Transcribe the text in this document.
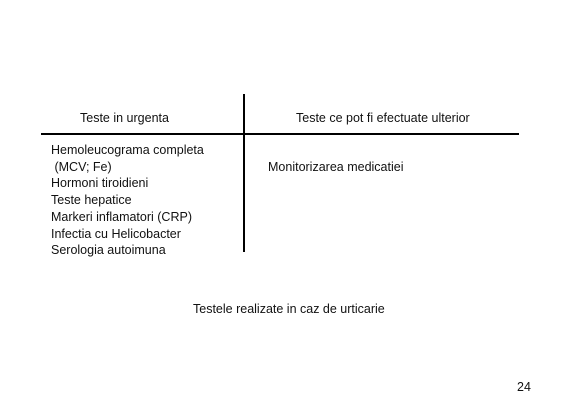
Teste in urgenta	Teste ce pot fi efectuate ulterior
Hemoleucograma completa
(MCV; Fe)
Hormoni tiroidieni
Teste hepatice
Markeri inflamatori (CRP)
Infectia cu Helicobacter
Serologia autoimuna
Monitorizarea medicatiei
Testele realizate in caz de urticarie
24
